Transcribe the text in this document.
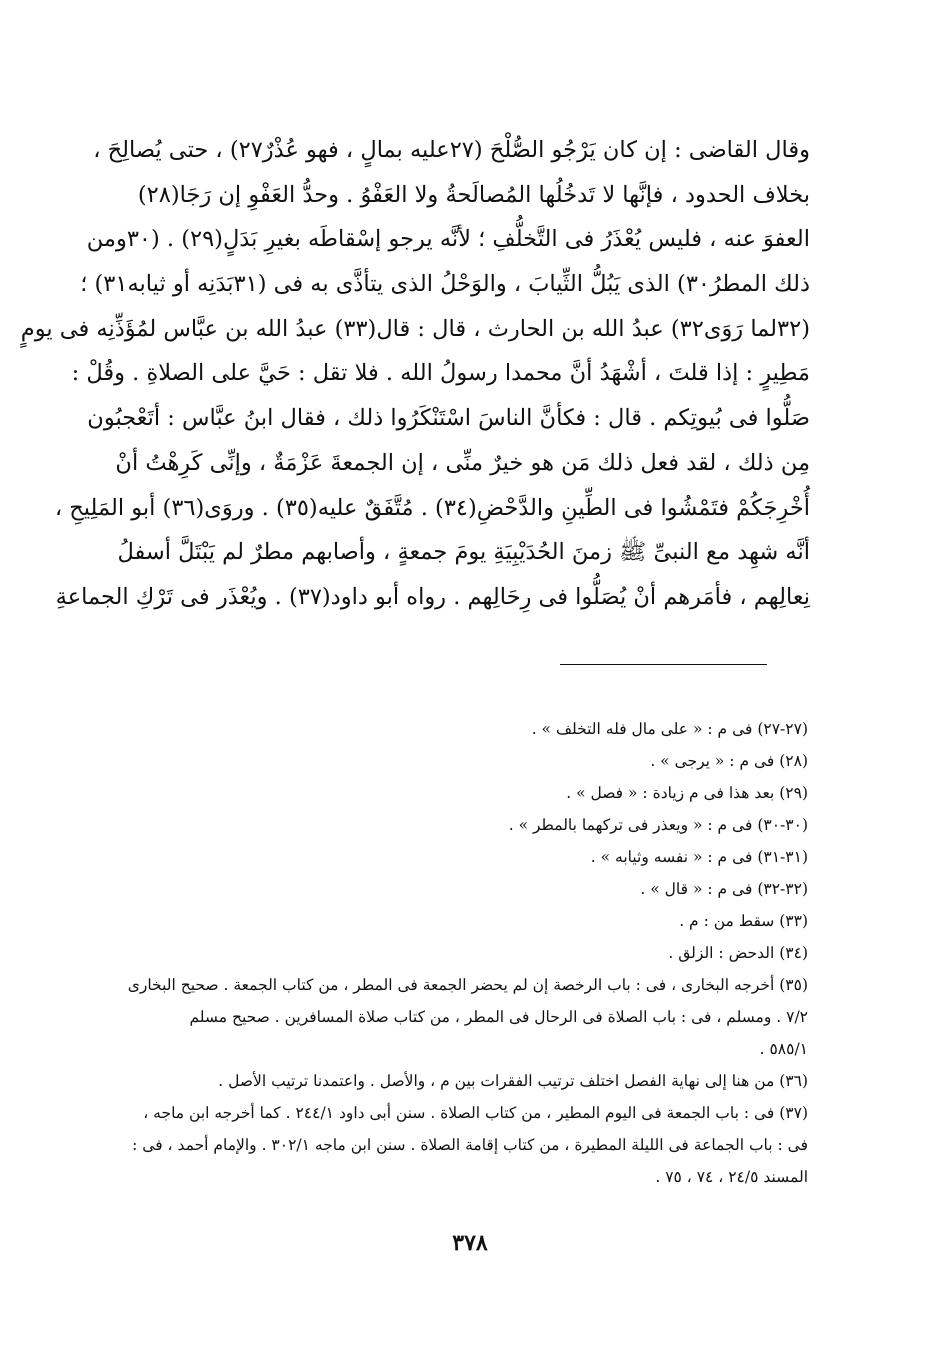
وقال القاضى : إن كان يَرْجُو الصُّلْحَ (٢٧عليه بمالٍ ، فهو عُذْرٌ٢٧) ، حتى يُصالِحَ ،
بخلاف الحدود ، فإنَّها لا تَدخُلُها المُصالَحةُ ولا العَفْوُ . وحدُّ العَفْوِ إن رَجَا(٢٨)
العفوَ عنه ، فليس يُعْذَرُ فى التَّخلُّفِ ؛ لأنَّه يرجو إسْقاطَه بغيرِ بَدَلٍ(٢٩) . (٣٠ومن
ذلك المطرُ٣٠) الذى يَبُلُّ الثِّيابَ ، والوَحْلُ الذى يتأذَّى به فى (٣١بَدَنِه أو ثيابه٣١) ؛
(٣٢لما رَوَى٣٢) عبدُ الله بن الحارث ، قال : قال(٣٣) عبدُ الله بن عبَّاس لمُؤَذِّنِه فى يومٍ
مَطِيرٍ : إذا قلتَ ، أشْهَدُ أنَّ محمدا رسولُ الله . فلا تقل : حَيَّ على الصلاةِ . وقُلْ :
صَلُّوا فى بُيوتِكم . قال : فكأنَّ الناسَ اسْتَنْكَرُوا ذلك ، فقال ابنُ عبَّاس : أتَعْجبُون
مِن ذلك ، لقد فعل ذلك مَن هو خيرٌ منِّى ، إن الجمعةَ عَزْمَةٌ ، وإنِّى كَرِهْتُ أنْ
أُخْرِجَكُمْ فتَمْشُوا فى الطِّينِ والدَّحْضِ(٣٤) . مُتَّفَقٌ عليه(٣٥) . وروَى(٣٦) أبو المَلِيحِ ،
أنَّه شهِد مع النبىِّ ﷺ زمنَ الحُدَيْبِيَةِ يومَ جمعةٍ ، وأصابهم مطرٌ لم يَبْتَلَّ أسفلُ
نِعالِهم ، فأمَرهم أنْ يُصَلُّوا فى رِحَالِهم . رواه أبو داود(٣٧) . ويُعْذَر فى تَرْكِ الجماعةِ
(٢٧-٢٧) فى م : « على مال فله التخلف » .
(٢٨) فى م : « يرجى » .
(٢٩) بعد هذا فى م زيادة : « فصل » .
(٣٠-٣٠) فى م : « ويعذر فى تركهما بالمطر » .
(٣١-٣١) فى م : « نفسه وثيابه » .
(٣٢-٣٢) فى م : « قال » .
(٣٣) سقط من : م .
(٣٤) الدحض : الزلق .
(٣٥) أخرجه البخارى ، فى : باب الرخصة إن لم يحضر الجمعة فى المطر ، من كتاب الجمعة . صحيح البخارى
٧/٢ . ومسلم ، فى : باب الصلاة فى الرحال فى المطر ، من كتاب صلاة المسافرين . صحيح مسلم
٥٨٥/١ .
(٣٦) من هنا إلى نهاية الفصل اختلف ترتيب الفقرات بين م ، والأصل . واعتمدنا ترتيب الأصل .
(٣٧) فى : باب الجمعة فى اليوم المطير ، من كتاب الصلاة . سنن أبى داود ٢٤٤/١ . كما أخرجه ابن ماجه ،
فى : باب الجماعة فى الليلة المطيرة ، من كتاب إقامة الصلاة . سنن ابن ماجه ٣٠٢/١ . والإمام أحمد ، فى :
المسند ٢٤/٥ ، ٧٤ ، ٧٥ .
٣٧٨
